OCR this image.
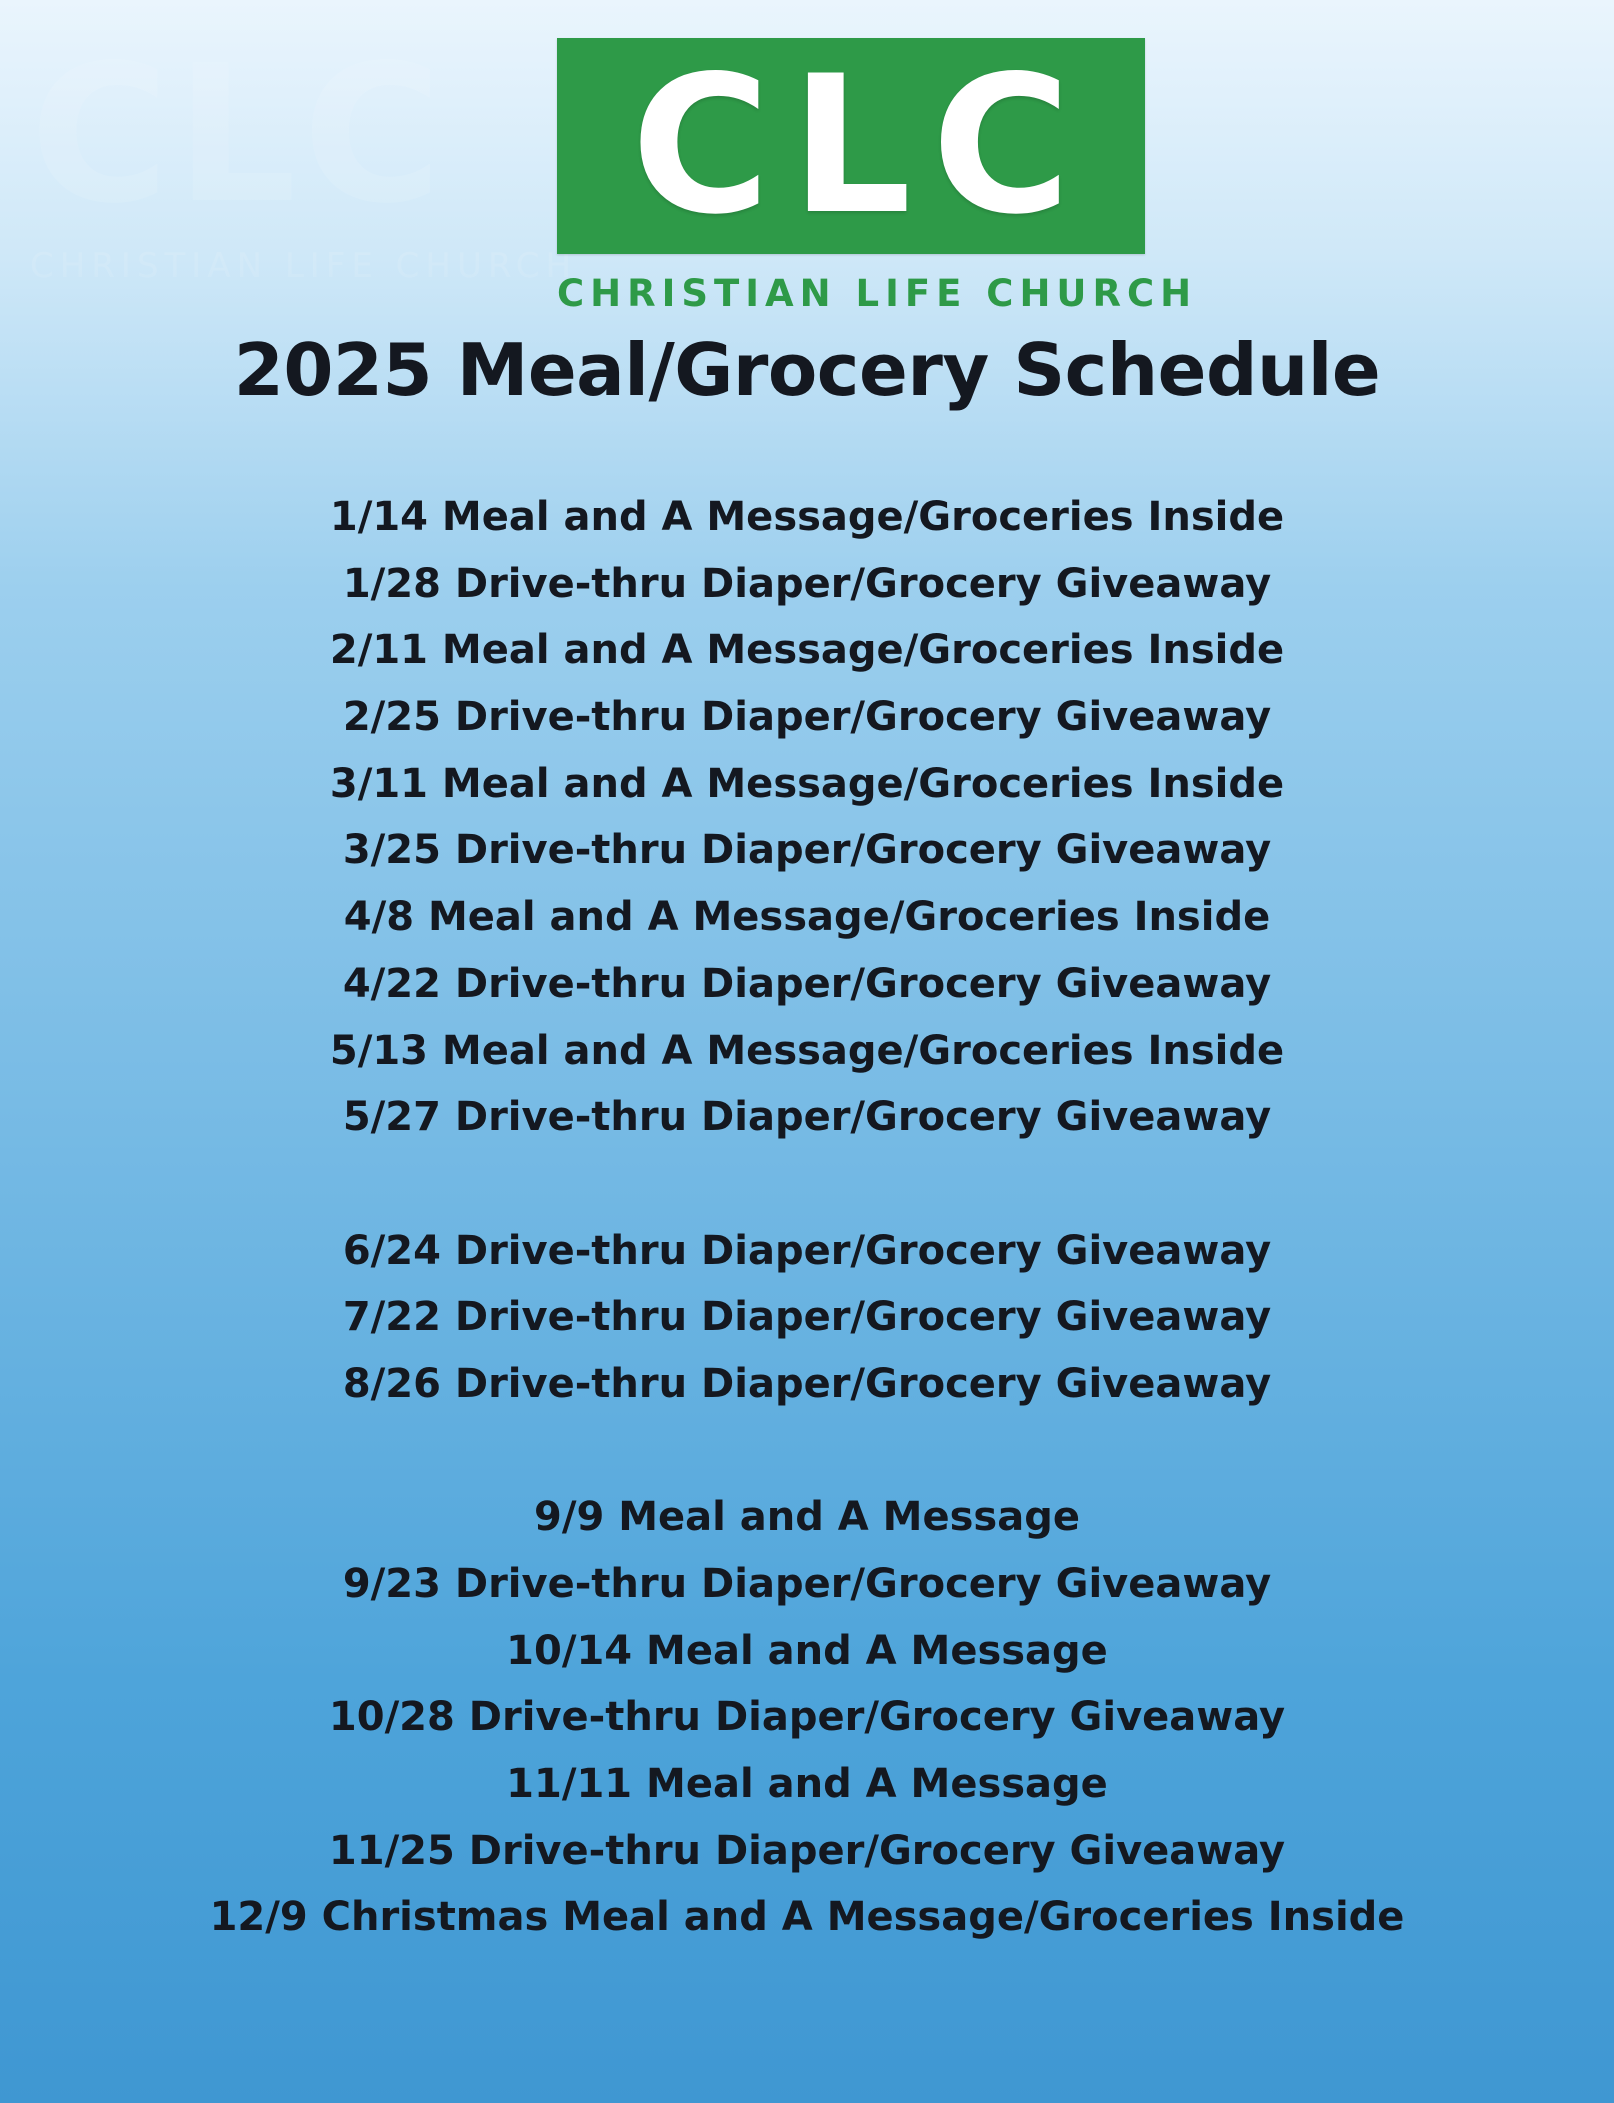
CLC
CHRISTIAN LIFE CHURCH
CLC
CHRISTIAN LIFE CHURCH
2025 Meal/Grocery Schedule
1/14 Meal and A Message/Groceries Inside
1/28 Drive-thru Diaper/Grocery Giveaway
2/11 Meal and A Message/Groceries Inside
2/25 Drive-thru Diaper/Grocery Giveaway
3/11 Meal and A Message/Groceries Inside
3/25 Drive-thru Diaper/Grocery Giveaway
4/8 Meal and A Message/Groceries Inside
4/22 Drive-thru Diaper/Grocery Giveaway
5/13 Meal and A Message/Groceries Inside
5/27 Drive-thru Diaper/Grocery Giveaway
6/24 Drive-thru Diaper/Grocery Giveaway
7/22 Drive-thru Diaper/Grocery Giveaway
8/26 Drive-thru Diaper/Grocery Giveaway
9/9 Meal and A Message
9/23 Drive-thru Diaper/Grocery Giveaway
10/14 Meal and A Message
10/28 Drive-thru Diaper/Grocery Giveaway
11/11 Meal and A Message
11/25 Drive-thru Diaper/Grocery Giveaway
12/9 Christmas Meal and A Message/Groceries Inside
